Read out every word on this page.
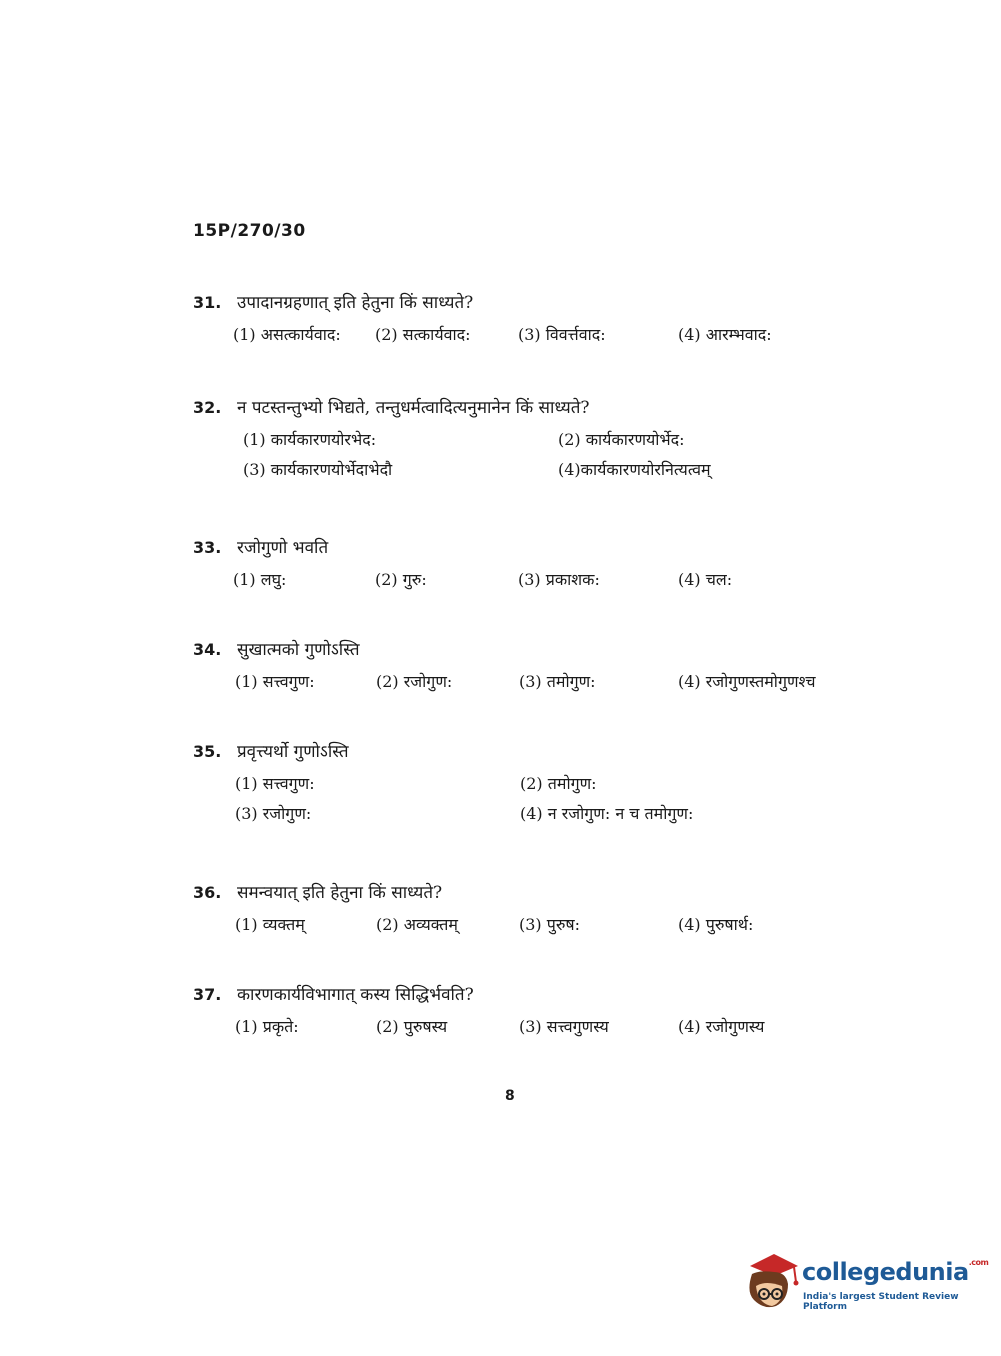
15P/270/30
31. उपादानग्रहणात् इति हेतुना किं साध्यते?
(1) असत्कार्यवाद: (2) सत्कार्यवाद:	(3) विवर्त्तवाद:	(4) आरम्भवाद:
32. न पटस्तन्तुभ्यो भिद्यते, तन्तुधर्मत्वादित्यनुमानेन किं साध्यते?
(1) कार्यकारणयोरभेद:	(2) कार्यकारणयोर्भेद:
(3) कार्यकारणयोर्भेदाभेदौ	(4)कार्यकारणयोरनित्यत्वम्
33. रजोगुणो भवति
(1) लघु:	(2) गुरु:	(3) प्रकाशक:	(4) चल:
34. सुखात्मको गुणोऽस्ति
(1) सत्त्वगुण:	(2) रजोगुण:	(3) तमोगुण:	(4) रजोगुणस्तमोगुणश्च
35. प्रवृत्त्यर्थो गुणोऽस्ति
(1) सत्त्वगुण:	(2) तमोगुण:
(3) रजोगुण:	(4) न रजोगुण: न च तमोगुण:
36. समन्वयात् इति हेतुना किं साध्यते?
(1) व्यक्तम्	(2) अव्यक्तम्	(3) पुरुष:	(4) पुरुषार्थ:
37. कारणकार्यविभागात् कस्य सिद्धिर्भवति?
(1) प्रकृते:	(2) पुरुषस्य	(3) सत्त्वगुणस्य	(4) रजोगुणस्य
8
collegedunia$^{.com}$
India's largest Student Review Platform
